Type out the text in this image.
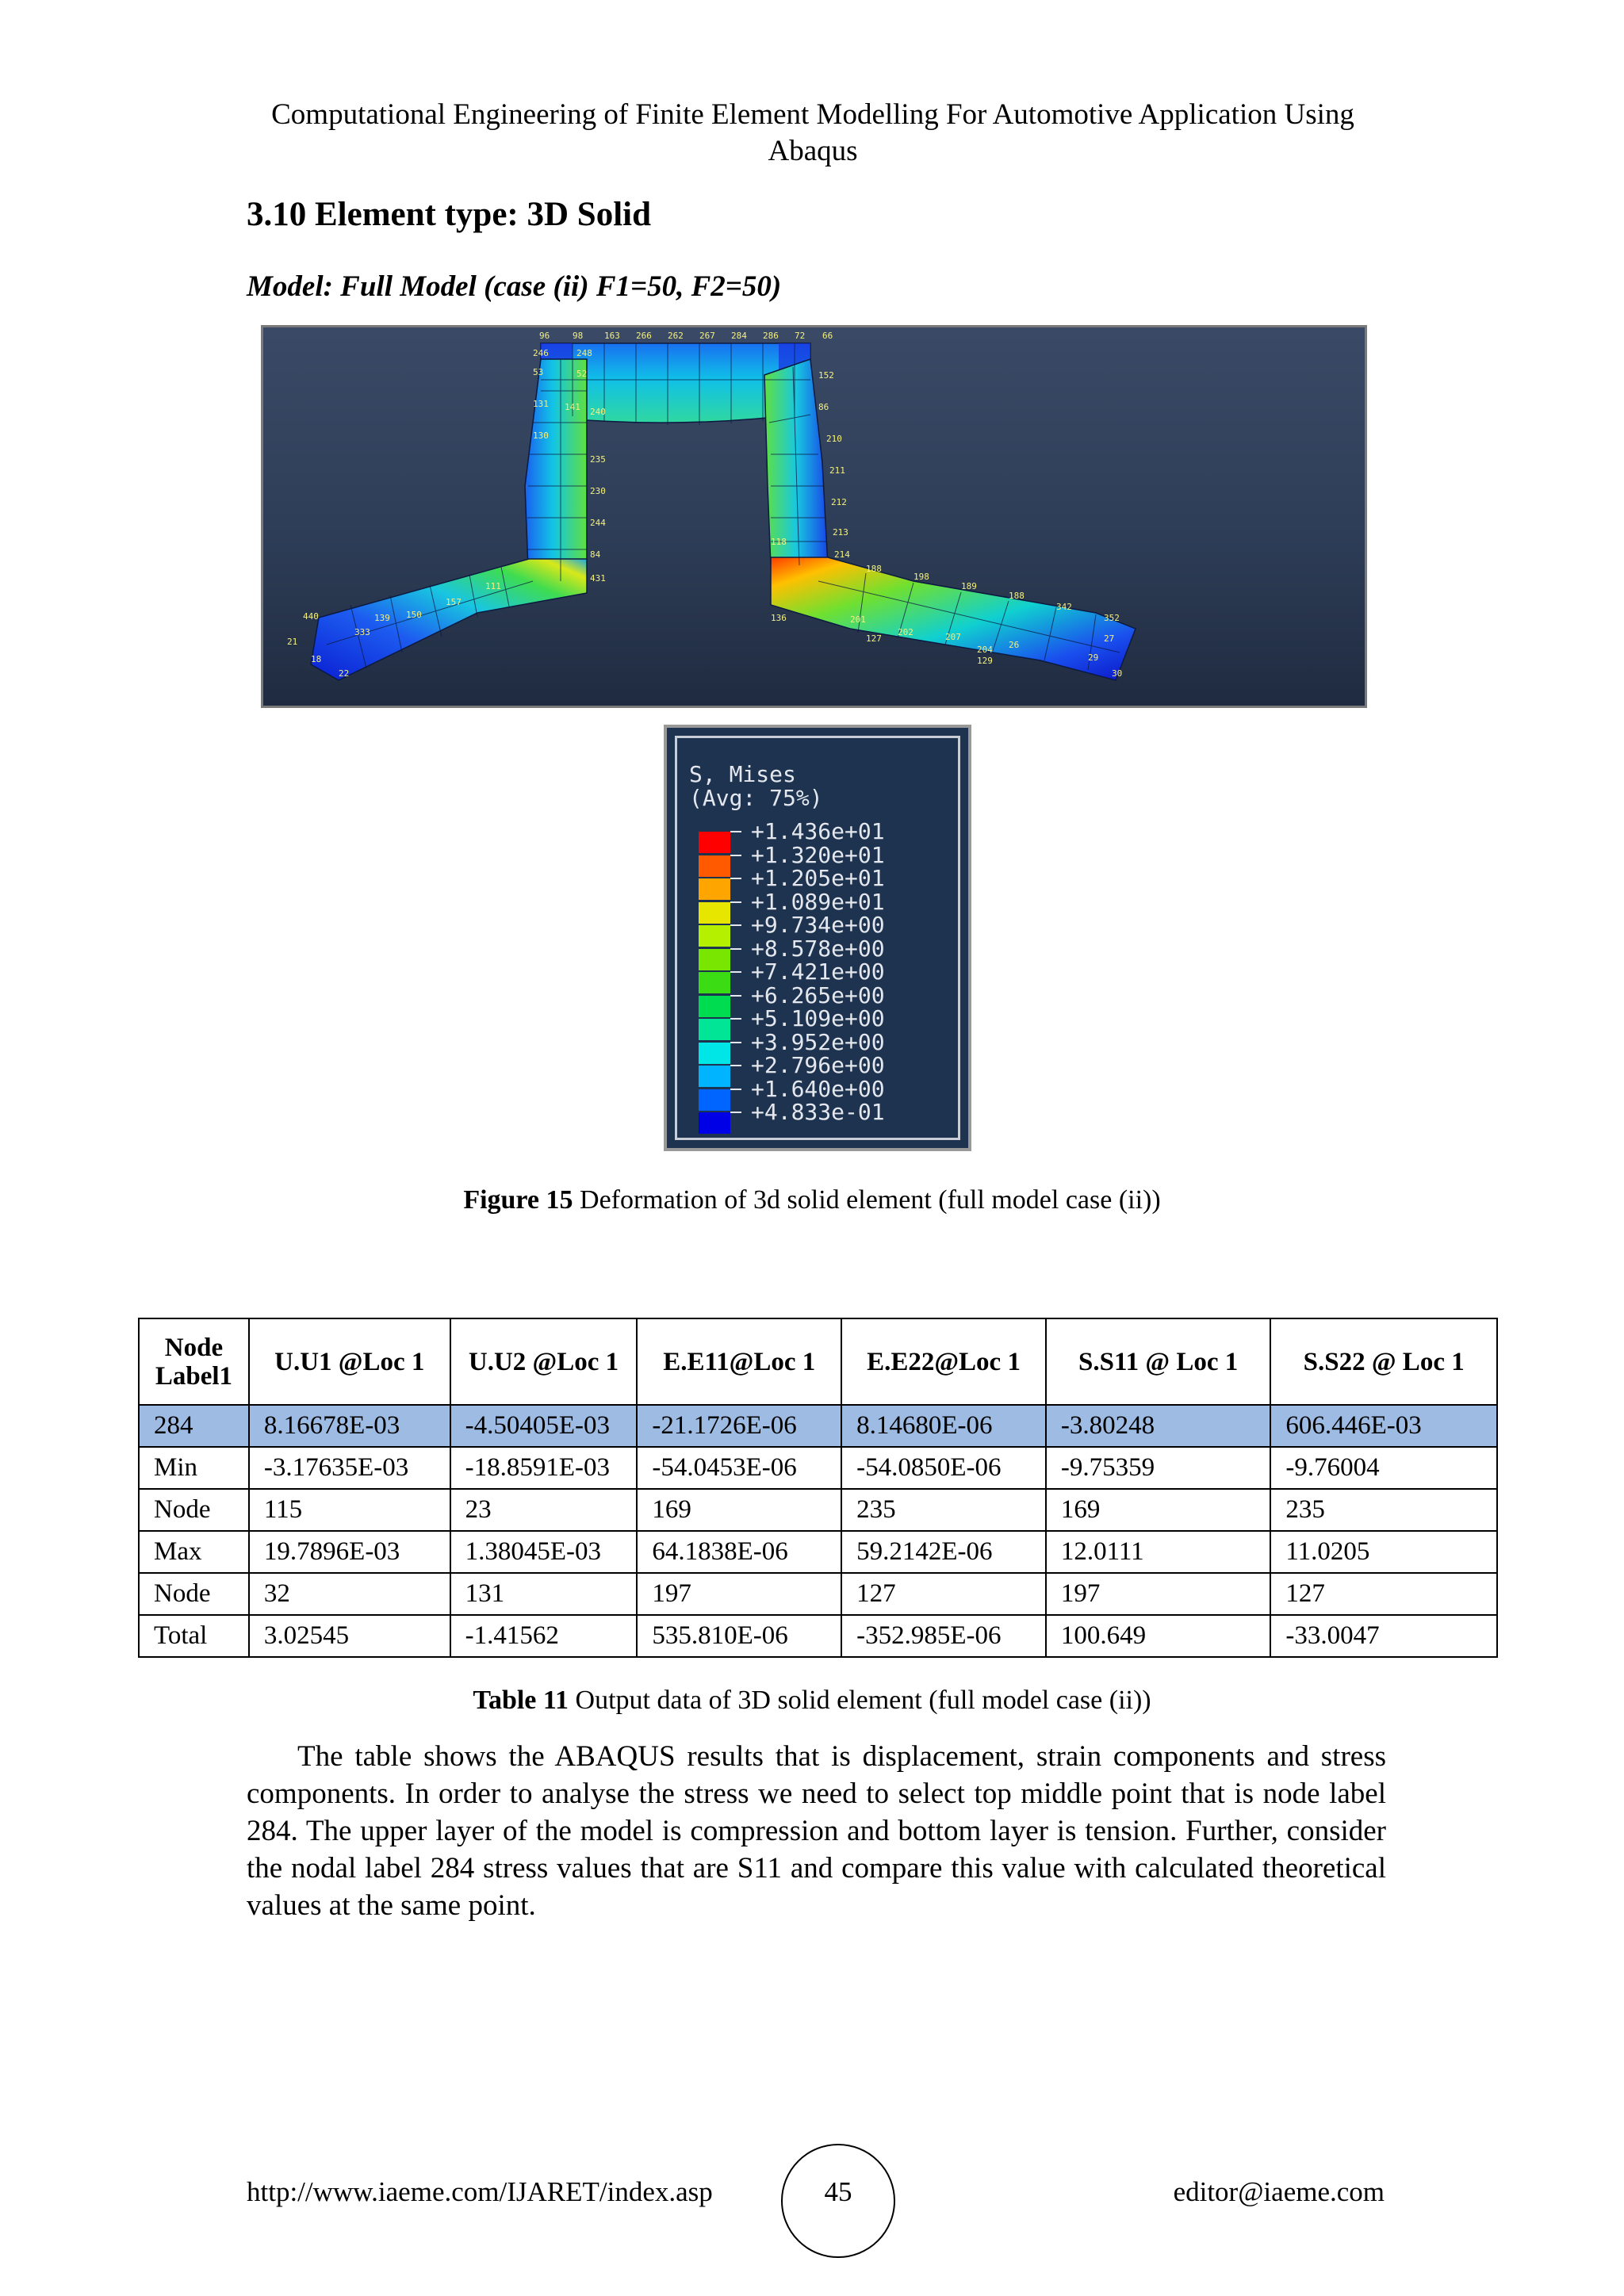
Computational Engineering of Finite Element Modelling For Automotive Application Using
Abaqus
3.10 Element type: 3D Solid
Model: Full Model (case (ii) F1=50, F2=50)
96	98 163 266 262 267 284 286 72 66
246	248
53	52
131 141 240
130
235
230
244
84
431
440
21
18
22
333
139 150
157
111
152
86
210
211
212
213
214
118
136
188
198
189
188
342
352
27
29
30
26
204
207
202
201
127
129
S, Mises
(Avg: 75%)
+1.436e+01
+1.320e+01
+1.205e+01
+1.089e+01
+9.734e+00
+8.578e+00
+7.421e+00
+6.265e+00
+5.109e+00
+3.952e+00
+2.796e+00
+1.640e+00
+4.833e-01
Figure 15 Deformation of 3d solid element (full model case (ii))
Node Label1	U.U1 @Loc 1	U.U2 @Loc 1	E.E11@Loc 1	E.E22@Loc 1	S.S11 @ Loc 1	S.S22 @ Loc 1
284	8.16678E-03	-4.50405E-03	-21.1726E-06	8.14680E-06	-3.80248	606.446E-03
Min	-3.17635E-03	-18.8591E-03	-54.0453E-06	-54.0850E-06	-9.75359	-9.76004
Node	115	23	169	235	169	235
Max	19.7896E-03	1.38045E-03	64.1838E-06	59.2142E-06	12.0111	11.0205
Node	32	131	197	127	197	127
Total	3.02545	-1.41562	535.810E-06	-352.985E-06	100.649	-33.0047
Table 11 Output data of 3D solid element (full model case (ii))
The table shows the ABAQUS results that is displacement, strain components and stress components. In order to analyse the stress we need to select top middle point that is node label 284. The upper layer of the model is compression and bottom layer is tension. Further, consider the nodal label 284 stress values that are S11 and compare this value with calculated theoretical values at the same point.
http://www.iaeme.com/IJARET/index.asp	45	editor@iaeme.com
